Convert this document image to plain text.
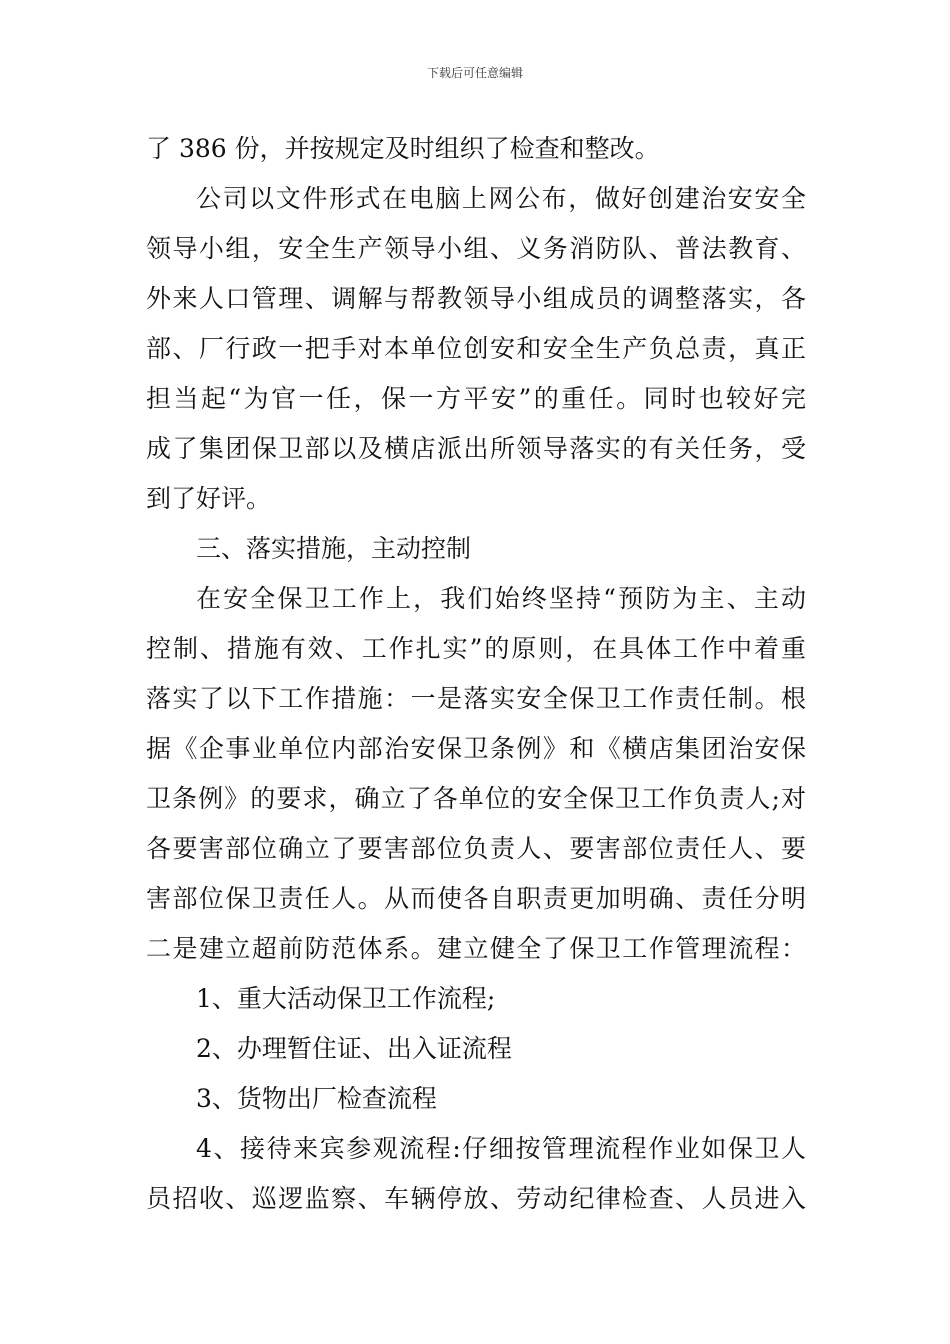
下载后可任意编辑
了 386 份，并按规定及时组织了检查和整改。
公司以文件形式在电脑上网公布，做好创建治安安全
领导小组，安全生产领导小组、义务消防队、普法教育、
外来人口管理、调解与帮教领导小组成员的调整落实，各
部、厂行政一把手对本单位创安和安全生产负总责，真正
担当起“为官一任，保一方平安”的重任。同时也较好完
成了集团保卫部以及横店派出所领导落实的有关任务，受
到了好评。
三、落实措施，主动控制
在安全保卫工作上，我们始终坚持“预防为主、主动
控制、措施有效、工作扎实”的原则，在具体工作中着重
落实了以下工作措施：一是落实安全保卫工作责任制。根
据《企事业单位内部治安保卫条例》和《横店集团治安保
卫条例》的要求，确立了各单位的安全保卫工作负责人;对
各要害部位确立了要害部位负责人、要害部位责任人、要
害部位保卫责任人。从而使各自职责更加明确、责任分明
二是建立超前防范体系。建立健全了保卫工作管理流程：
1、重大活动保卫工作流程;
2、办理暂住证、出入证流程
3、货物出厂检查流程
4、接待来宾参观流程:仔细按管理流程作业如保卫人
员招收、巡逻监察、车辆停放、劳动纪律检查、人员进入
